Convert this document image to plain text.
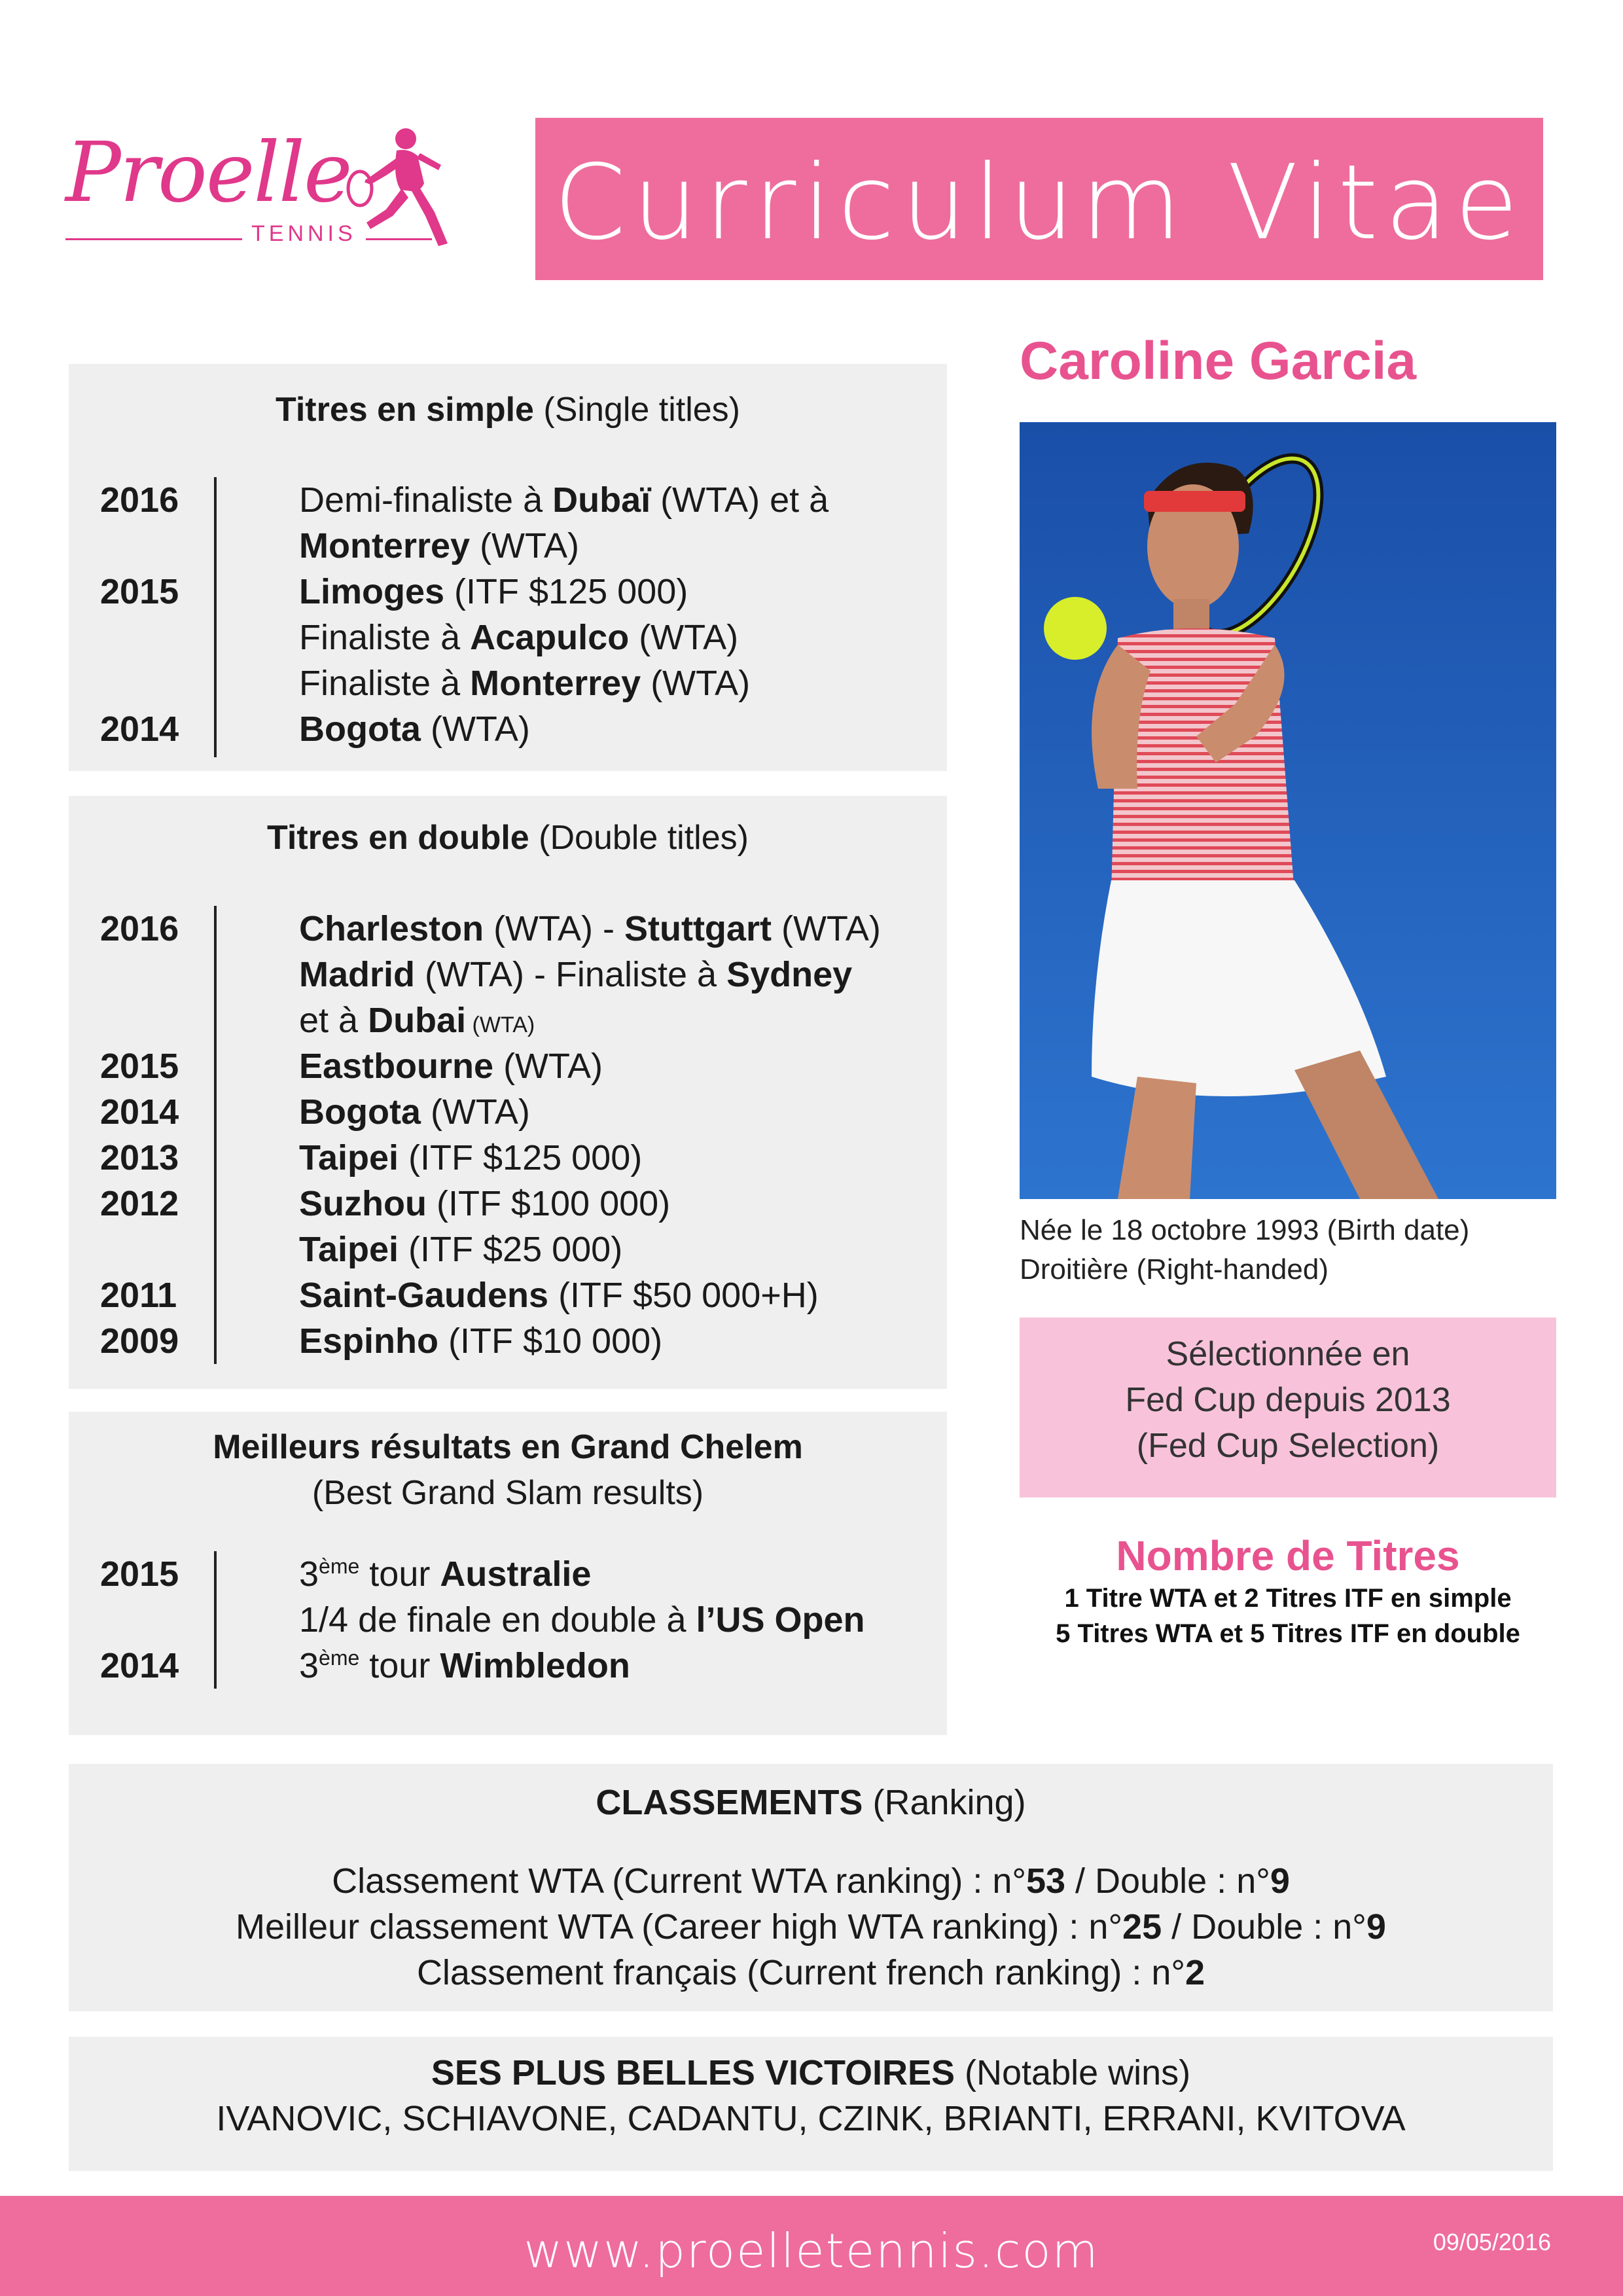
Proelle
TENNIS Curriculum Vitae
Titres en simple (Single titles)
2016
2015
2014
Demi-finaliste à Dubaï (WTA) et à
Monterrey (WTA)
Limoges (ITF $125 000)
Finaliste à Acapulco (WTA)
Finaliste à Monterrey (WTA)
Bogota (WTA)
Titres en double (Double titles)
2016
2015
2014
2013
2012
2011
2009
Charleston (WTA) - Stuttgart (WTA)
Madrid (WTA) - Finaliste à Sydney
et à Dubai (WTA)
Eastbourne (WTA)
Bogota (WTA)
Taipei (ITF $125 000)
Suzhou (ITF $100 000)
Taipei (ITF $25 000)
Saint-Gaudens (ITF $50 000+H)
Espinho (ITF $10 000)
Meilleurs résultats en Grand Chelem
(Best Grand Slam results)
2015
2014
3ème tour Australie
1/4 de finale en double à l’US Open
3ème tour Wimbledon
Caroline Garcia
Née le 18 octobre 1993 (Birth date)
Droitière (Right-handed)
Sélectionnée en
Fed Cup depuis 2013
(Fed Cup Selection)
Nombre de Titres
1 Titre WTA et 2 Titres ITF en simple
5 Titres WTA et 5 Titres ITF en double
CLASSEMENTS (Ranking)
Classement WTA (Current WTA ranking) : n°53 / Double : n°9
Meilleur classement WTA (Career high WTA ranking) : n°25 / Double : n°9
Classement français (Current french ranking) : n°2
SES PLUS BELLES VICTOIRES (Notable wins)
IVANOVIC, SCHIAVONE, CADANTU, CZINK, BRIANTI, ERRANI, KVITOVA
www.proelletennis.com	09/05/2016
